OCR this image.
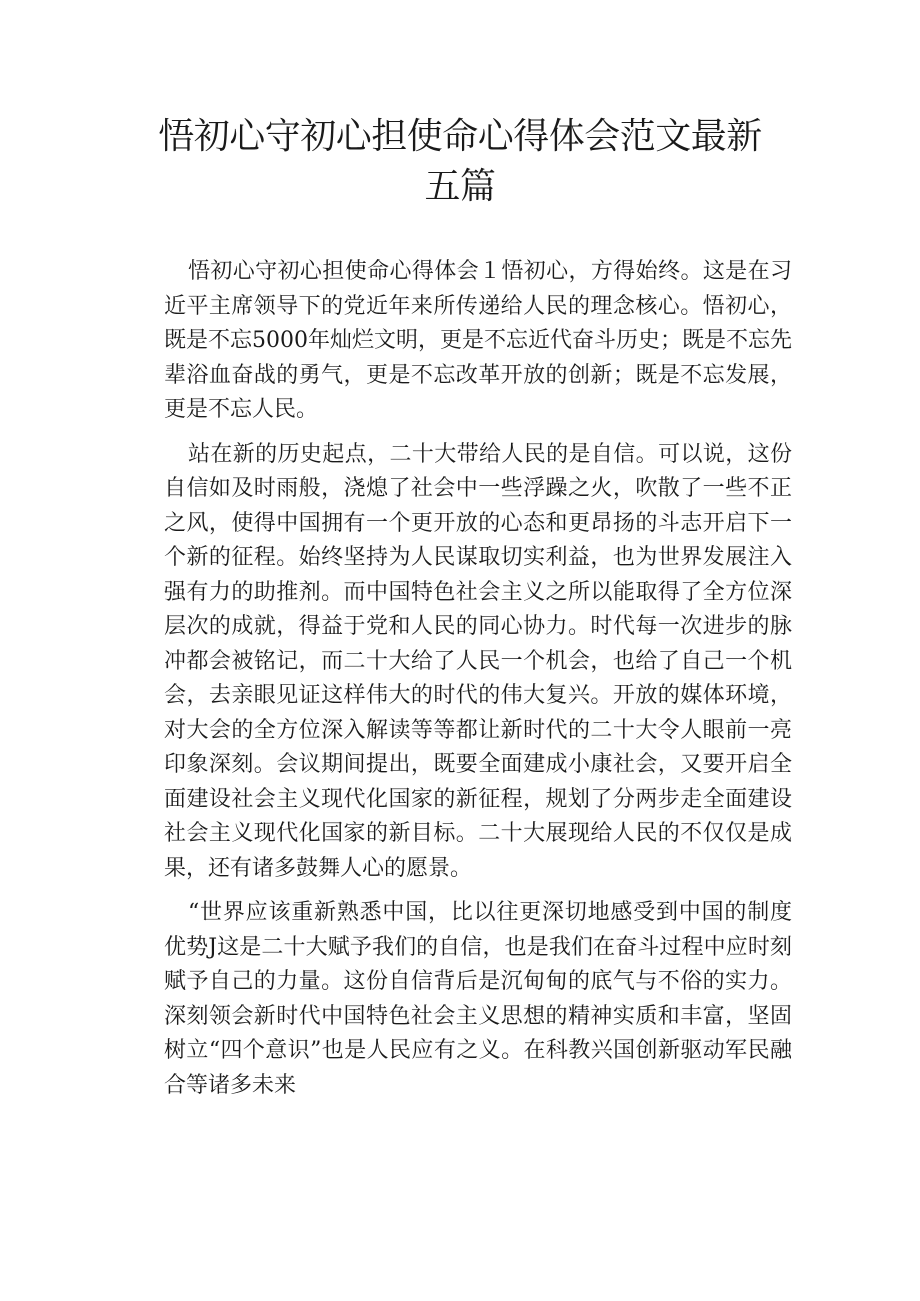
悟初心守初心担使命心得体会范文最新五篇

悟初心守初心担使命心得体会１悟初心，方得始终。这是在习近平主席领导下的党近年来所传递给人民的理念核心。悟初心，既是不忘5000年灿烂文明，更是不忘近代奋斗历史；既是不忘先辈浴血奋战的勇气，更是不忘改革开放的创新；既是不忘发展，更是不忘人民。

站在新的历史起点，二十大带给人民的是自信。可以说，这份自信如及时雨般，浇熄了社会中一些浮躁之火，吹散了一些不正之风，使得中国拥有一个更开放的心态和更昂扬的斗志开启下一个新的征程。始终坚持为人民谋取切实利益，也为世界发展注入强有力的助推剂。而中国特色社会主义之所以能取得了全方位深层次的成就，得益于党和人民的同心协力。时代每一次进步的脉冲都会被铭记，而二十大给了人民一个机会，也给了自己一个机会，去亲眼见证这样伟大的时代的伟大复兴。开放的媒体环境，对大会的全方位深入解读等等都让新时代的二十大令人眼前一亮印象深刻。会议期间提出，既要全面建成小康社会，又要开启全面建设社会主义现代化国家的新征程，规划了分两步走全面建设社会主义现代化国家的新目标。二十大展现给人民的不仅仅是成果，还有诸多鼓舞人心的愿景。

“世界应该重新熟悉中国，比以往更深切地感受到中国的制度优势J这是二十大赋予我们的自信，也是我们在奋斗过程中应时刻赋予自己的力量。这份自信背后是沉甸甸的底气与不俗的实力。深刻领会新时代中国特色社会主义思想的精神实质和丰富，坚固树立“四个意识”也是人民应有之义。在科教兴国创新驱动军民融合等诸多未来
